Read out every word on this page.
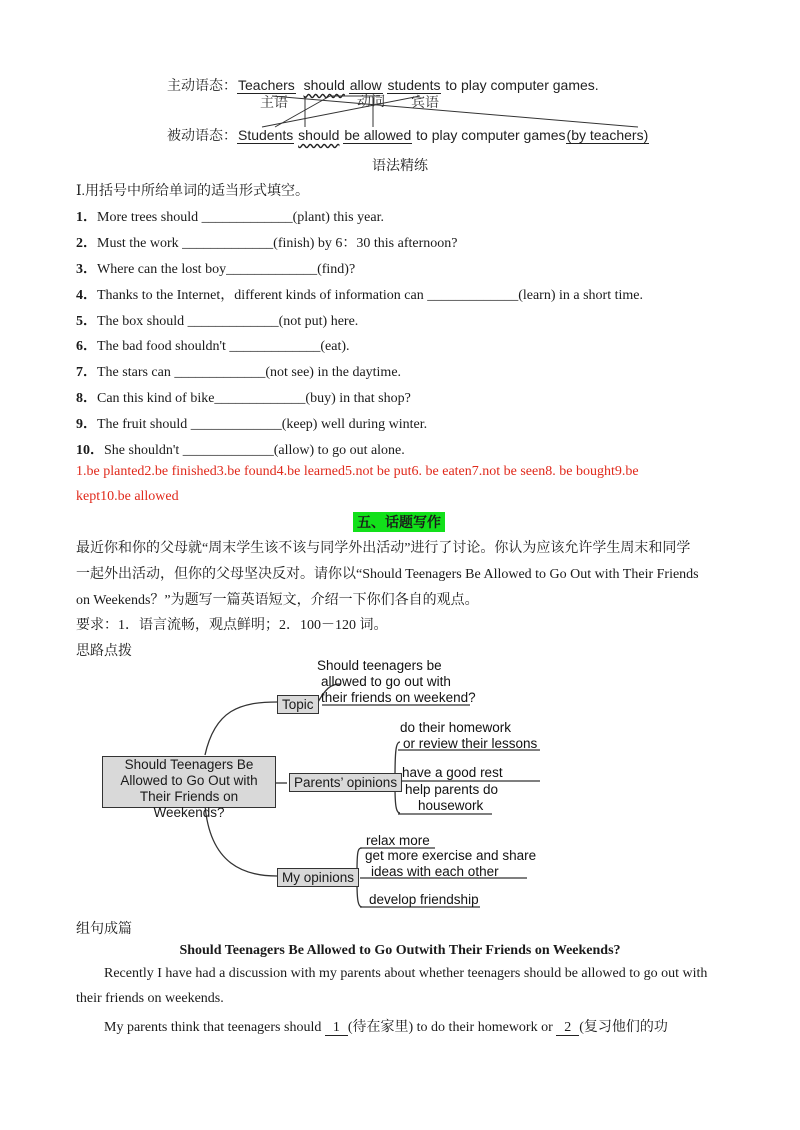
主动语态：Teachers should allow students to play computer games.
主语	动词 宾语
被动语态：Students should be allowed to play computer games(by teachers)
语法精练
Ⅰ.用括号中所给单词的适当形式填空。
1．More trees should _____________(plant) this year.
2．Must the work _____________(finish) by 6：30 this afternoon?
3．Where can the lost boy_____________(find)?
4．Thanks to the Internet，different kinds of information can _____________(learn) in a short time.
5．The box should _____________(not put) here.
6．The bad food shouldn't _____________(eat).
7．The stars can _____________(not see) in the daytime.
8．Can this kind of bike_____________(buy) in that shop?
9．The fruit should _____________(keep) well during winter.
10．She shouldn't _____________(allow) to go out alone.
1.be planted2.be finished3.be found4.be learned5.not be put6. be eaten7.not be seen8. be bought9.be
kept10.be allowed
五、话题写作
最近你和你的父母就“周末学生该不该与同学外出活动”进行了讨论。你认为应该允许学生周末和同学
一起外出活动，但你的父母坚决反对。请你以“Should Teenagers Be Allowed to Go Out with Their Friends
on Weekends？”为题写一篇英语短文，介绍一下你们各自的观点。
要求：1．语言流畅，观点鲜明；2．100－120 词。
思路点拨
Should Teenagers Be
Allowed to Go Out with
Their Friends on Weekends?
Topic
Parents’ opinions
My opinions
Should teenagers be
allowed to go out with
their friends on weekend?
do their homework
or review their lessons
have a good rest
help parents do
housework
relax more
get more exercise and share
ideas with each other
develop friendship
组句成篇
Should Teenagers Be Allowed to Go Outwith Their Friends on Weekends?
Recently I have had a discussion with my parents about whether teenagers should be allowed to go out with
their friends on weekends.
My parents think that teenagers should 1 (待在家里) to do their homework or 2 (复习他们的功
